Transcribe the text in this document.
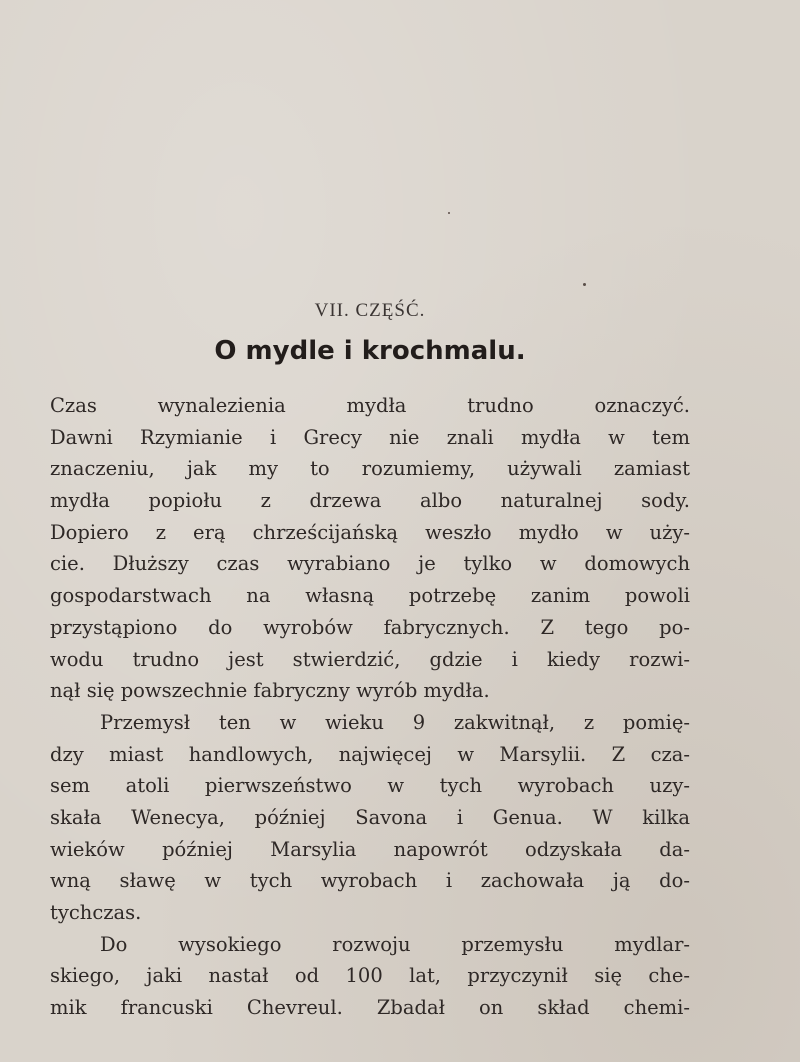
VII. CZĘŚĆ.
O mydle i krochmalu.
Czas wynalezienia mydła trudno oznaczyć.
Dawni Rzymianie i Grecy nie znali mydła w tem
znaczeniu, jak my to rozumiemy, używali zamiast
mydła popiołu z drzewa albo naturalnej sody.
Dopiero z erą chrześcijańską weszło mydło w uży-
cie. Dłuższy czas wyrabiano je tylko w domowych
gospodarstwach na własną potrzebę zanim powoli
przystąpiono do wyrobów fabrycznych. Z tego po-
wodu trudno jest stwierdzić, gdzie i kiedy rozwi-
nął się powszechnie fabryczny wyrób mydła.
Przemysł ten w wieku 9 zakwitnął, z pomię-
dzy miast handlowych, najwięcej w Marsylii. Z cza-
sem atoli pierwszeństwo w tych wyrobach uzy-
skała Wenecya, później Savona i Genua. W kilka
wieków później Marsylia napowrót odzyskała da-
wną sławę w tych wyrobach i zachowała ją do-
tychczas.
Do wysokiego rozwoju przemysłu mydlar-
skiego, jaki nastał od 100 lat, przyczynił się che-
mik francuski Chevreul. Zbadał on skład chemi-
